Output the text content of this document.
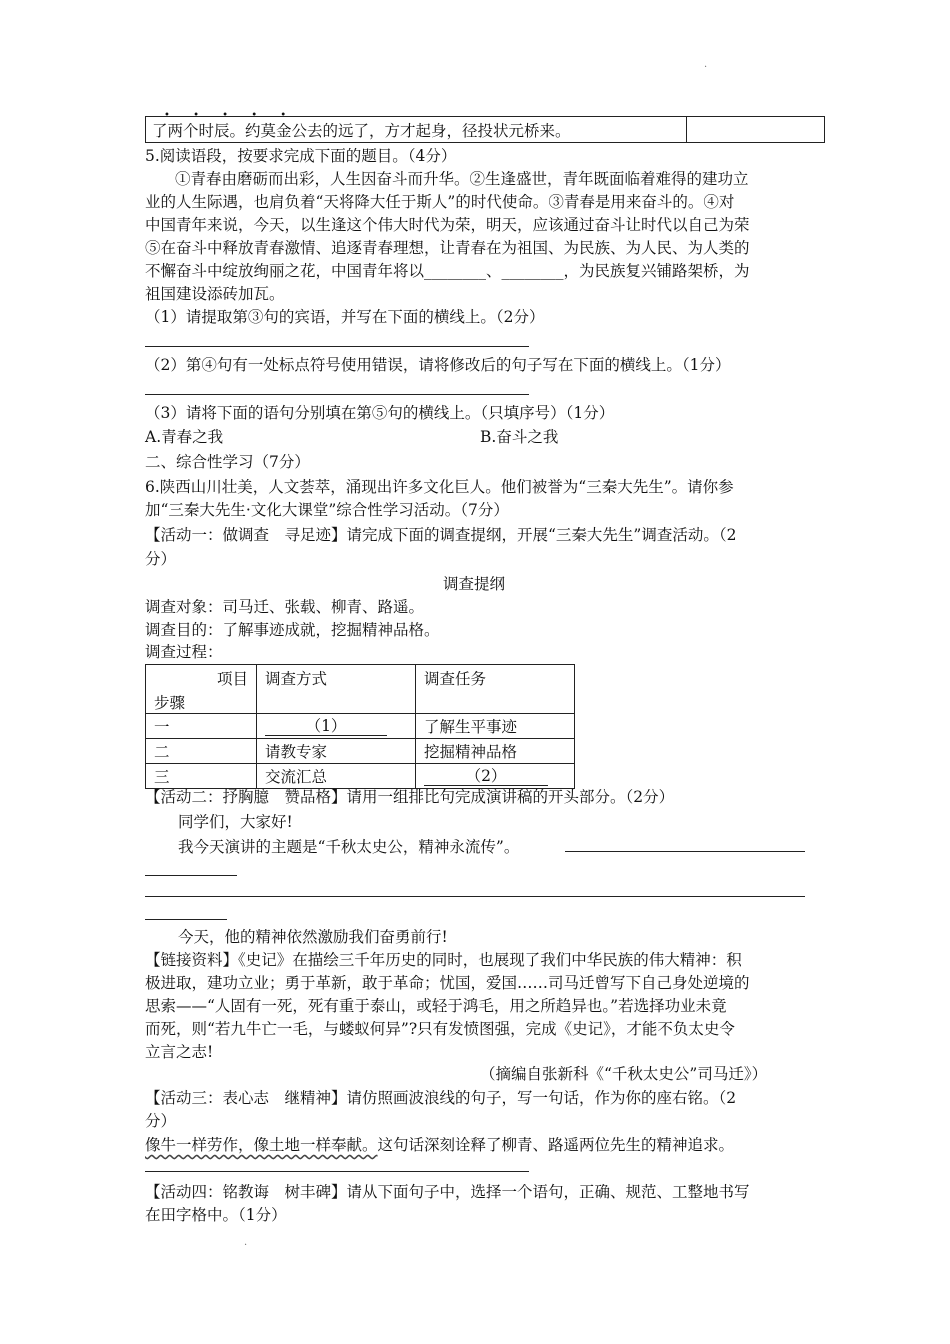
·
• • • • •
了两个时辰。约莫金公去的远了，方才起身，径投状元桥来。	
5.阅读语段，按要求完成下面的题目。（4分）
①青春由磨砺而出彩，人生因奋斗而升华。②生逢盛世，青年既面临着难得的建功立
业的人生际遇，也肩负着“天将降大任于斯人”的时代使命。③青春是用来奋斗的。④对
中国青年来说，今天，以生逢这个伟大时代为荣，明天，应该通过奋斗让时代以自己为荣
⑤在奋斗中释放青春激情、追逐青春理想，让青春在为祖国、为民族、为人民、为人类的
不懈奋斗中绽放绚丽之花，中国青年将以________、________，为民族复兴铺路架桥，为
祖国建设添砖加瓦。
（1）请提取第③句的宾语，并写在下面的横线上。（2分）
（2）第④句有一处标点符号使用错误，请将修改后的句子写在下面的横线上。（1分）
（3）请将下面的语句分别填在第⑤句的横线上。（只填序号）（1分）
A.青春之我	B.奋斗之我
二、综合性学习（7分）
6.陕西山川壮美，人文荟萃，涌现出许多文化巨人。他们被誉为“三秦大先生”。请你参
加“三秦大先生·文化大课堂”综合性学习活动。（7分）
【活动一：做调查　寻足迹】请完成下面的调查提纲，开展“三秦大先生”调查活动。（2
分）
调查提纲
调查对象：司马迁、张载、柳青、路遥。
调查目的：了解事迹成就，挖掘精神品格。
调查过程：
项目
步骤	调查方式	调查任务
一	（1）	了解生平事迹
二	请教专家	挖掘精神品格
三	交流汇总	（2）
【活动二：抒胸臆　赞品格】请用一组排比句完成演讲稿的开头部分。（2分）
同学们，大家好!
我今天演讲的主题是“千秋太史公，精神永流传”。
今天，他的精神依然激励我们奋勇前行!
【链接资料】《史记》在描绘三千年历史的同时，也展现了我们中华民族的伟大精神：积
极进取，建功立业；勇于革新，敢于革命；忧国，爱国……司马迁曾写下自己身处逆境的
思索——“人固有一死，死有重于泰山，或轻于鸿毛，用之所趋异也。”若选择功业未竟
而死，则“若九牛亡一毛，与蝼蚁何异”?只有发愤图强，完成《史记》，才能不负太史令
立言之志!
（摘编自张新科《“千秋太史公”司马迁》）
【活动三：表心志　继精神】请仿照画波浪线的句子，写一句话，作为你的座右铭。（2
分）
像牛一样劳作，像土地一样奉献。这句话深刻诠释了柳青、路遥两位先生的精神追求。
【活动四：铭教诲　树丰碑】请从下面句子中，选择一个语句，正确、规范、工整地书写
在田字格中。（1分）
·
